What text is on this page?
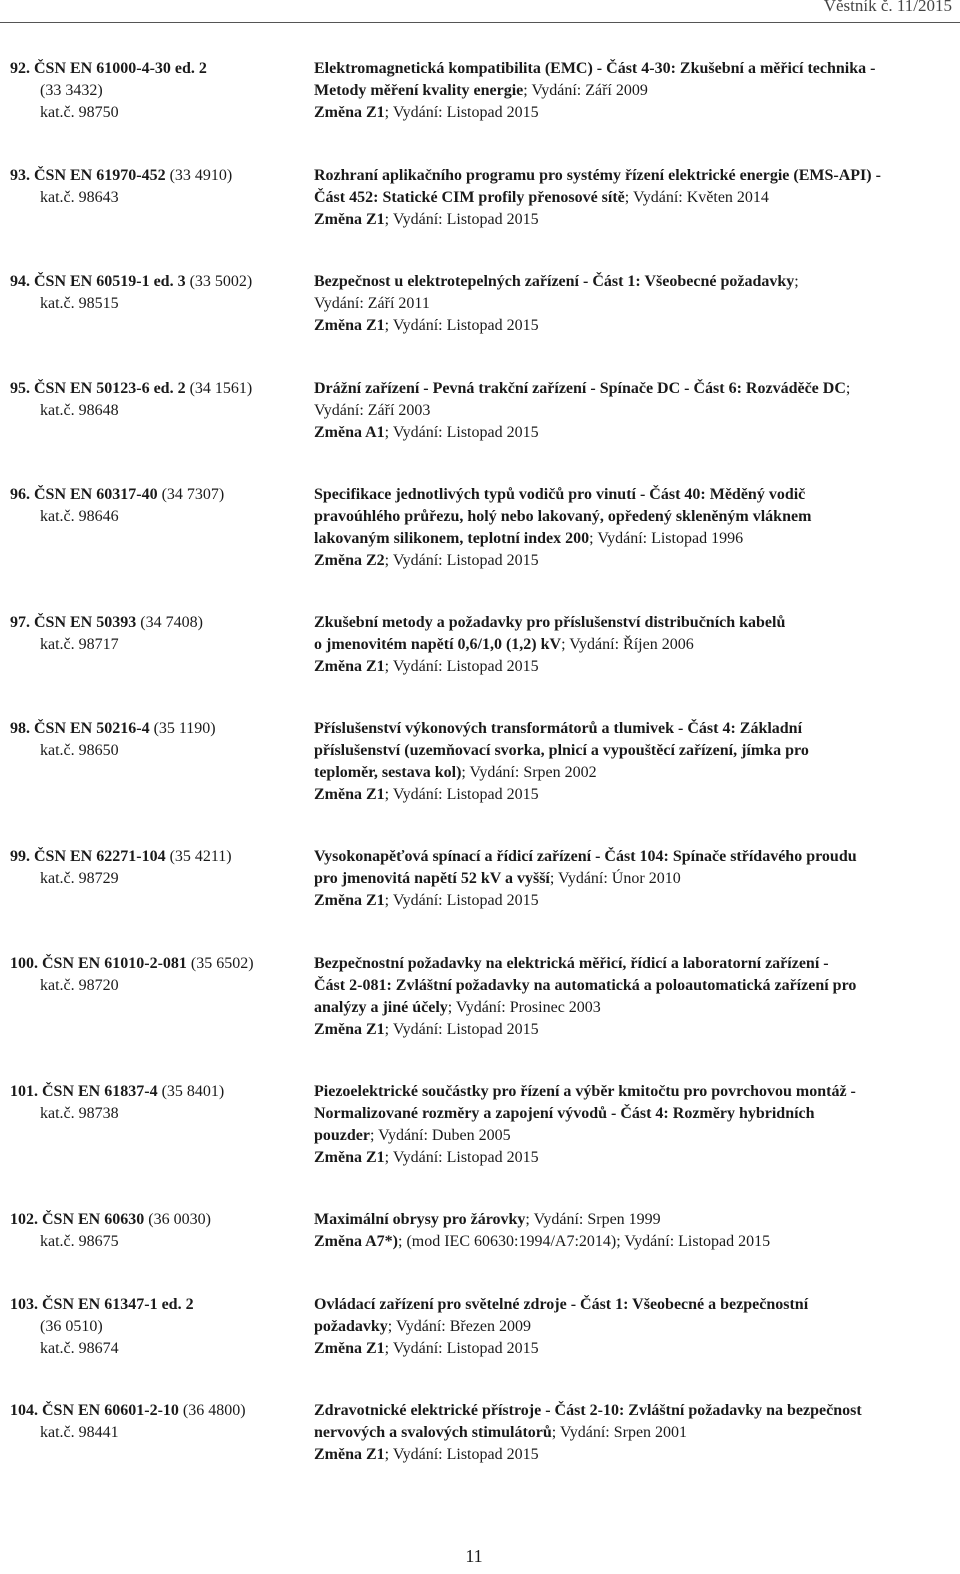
Věstník č. 11/2015
92. ČSN EN 61000-4-30 ed. 2
(33 3432)
kat.č. 98750
Elektromagnetická kompatibilita (EMC) - Část 4-30: Zkušební a měřicí technika -
Metody měření kvality energie; Vydání: Září 2009
Změna Z1; Vydání: Listopad 2015
93. ČSN EN 61970-452 (33 4910)
kat.č. 98643
Rozhraní aplikačního programu pro systémy řízení elektrické energie (EMS-API) -
Část 452: Statické CIM profily přenosové sítě; Vydání: Květen 2014
Změna Z1; Vydání: Listopad 2015
94. ČSN EN 60519-1 ed. 3 (33 5002)
kat.č. 98515
Bezpečnost u elektrotepelných zařízení - Část 1: Všeobecné požadavky;
Vydání: Září 2011
Změna Z1; Vydání: Listopad 2015
95. ČSN EN 50123-6 ed. 2 (34 1561)
kat.č. 98648
Drážní zařízení - Pevná trakční zařízení - Spínače DC - Část 6: Rozváděče DC;
Vydání: Září 2003
Změna A1; Vydání: Listopad 2015
96. ČSN EN 60317-40 (34 7307)
kat.č. 98646
Specifikace jednotlivých typů vodičů pro vinutí - Část 40: Měděný vodič
pravoúhlého průřezu, holý nebo lakovaný, opředený skleněným vláknem
lakovaným silikonem, teplotní index 200; Vydání: Listopad 1996
Změna Z2; Vydání: Listopad 2015
97. ČSN EN 50393 (34 7408)
kat.č. 98717
Zkušební metody a požadavky pro příslušenství distribučních kabelů
o jmenovitém napětí 0,6/1,0 (1,2) kV; Vydání: Říjen 2006
Změna Z1; Vydání: Listopad 2015
98. ČSN EN 50216-4 (35 1190)
kat.č. 98650
Příslušenství výkonových transformátorů a tlumivek - Část 4: Základní
příslušenství (uzemňovací svorka, plnicí a vypouštěcí zařízení, jímka pro
teploměr, sestava kol); Vydání: Srpen 2002
Změna Z1; Vydání: Listopad 2015
99. ČSN EN 62271-104 (35 4211)
kat.č. 98729
Vysokonapěťová spínací a řídicí zařízení - Část 104: Spínače střídavého proudu
pro jmenovitá napětí 52 kV a vyšší; Vydání: Únor 2010
Změna Z1; Vydání: Listopad 2015
100. ČSN EN 61010-2-081 (35 6502)
kat.č. 98720
Bezpečnostní požadavky na elektrická měřicí, řídicí a laboratorní zařízení -
Část 2-081: Zvláštní požadavky na automatická a poloautomatická zařízení pro
analýzy a jiné účely; Vydání: Prosinec 2003
Změna Z1; Vydání: Listopad 2015
101. ČSN EN 61837-4 (35 8401)
kat.č. 98738
Piezoelektrické součástky pro řízení a výběr kmitočtu pro povrchovou montáž -
Normalizované rozměry a zapojení vývodů - Část 4: Rozměry hybridních
pouzder; Vydání: Duben 2005
Změna Z1; Vydání: Listopad 2015
102. ČSN EN 60630 (36 0030)
kat.č. 98675
Maximální obrysy pro žárovky; Vydání: Srpen 1999
Změna A7*); (mod IEC 60630:1994/A7:2014); Vydání: Listopad 2015
103. ČSN EN 61347-1 ed. 2
(36 0510)
kat.č. 98674
Ovládací zařízení pro světelné zdroje - Část 1: Všeobecné a bezpečnostní
požadavky; Vydání: Březen 2009
Změna Z1; Vydání: Listopad 2015
104. ČSN EN 60601-2-10 (36 4800)
kat.č. 98441
Zdravotnické elektrické přístroje - Část 2-10: Zvláštní požadavky na bezpečnost
nervových a svalových stimulátorů; Vydání: Srpen 2001
Změna Z1; Vydání: Listopad 2015
11
